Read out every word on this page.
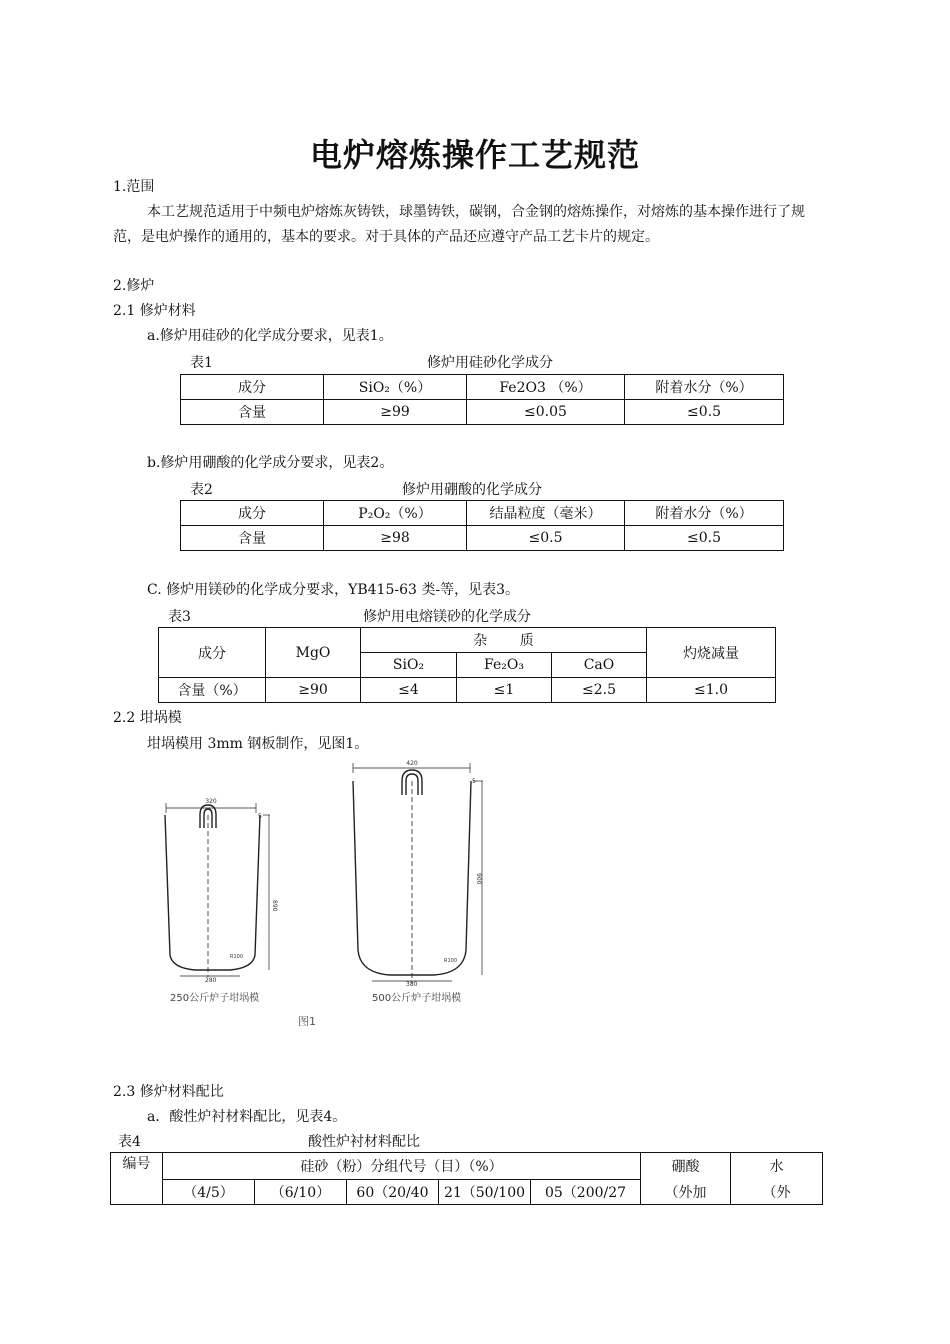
电炉熔炼操作工艺规范
1.范围
本工艺规范适用于中频电炉熔炼灰铸铁，球墨铸铁，碳钢，合金钢的熔炼操作，对熔炼的基本操作进行了规范，是电炉操作的通用的，基本的要求。对于具体的产品还应遵守产品工艺卡片的规定。
2.修炉
2.1 修炉材料
a.修炉用硅砂的化学成分要求，见表1。
表1	修炉用硅砂化学成分
成分	SiO₂（%）	Fe2O3 （%）	附着水分（%）
含量	≥99	≤0.05	≤0.5
b.修炉用硼酸的化学成分要求，见表2。
表2	修炉用硼酸的化学成分
成分	P₂O₂（%）	结晶粒度（毫米）	附着水分（%）
含量	≥98	≤0.5	≤0.5
C. 修炉用镁砂的化学成分要求，YB415-63 类-等，见表3。
表3	修炉用电熔镁砂的化学成分
成分	MgO	杂 质			灼烧减量
		SiO₂	Fe₂O₃	CaO	
含量（%）	≥90	≤4	≤1	≤2.5	≤1.0
2.2 坩埚模
坩埚模用 3mm 钢板制作，见图1。
320
5
890
R100
280
250公斤炉子坩埚模
420
5
900
R100
380
500公斤炉子坩埚模
图1
2.3 修炉材料配比
a．酸性炉衬材料配比，见表4。
表4	酸性炉衬材料配比
编号	硅砂（粉）分组代号（目）（%）					硼酸	水
	（4/5）	（6/10）	60（20/40	21（50/100	05（200/27	（外加	（外
